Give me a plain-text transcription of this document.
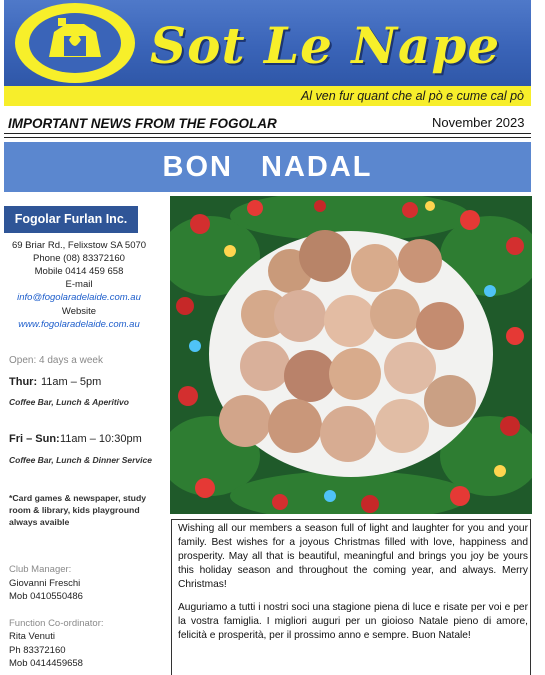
Sot Le Nape
Al ven fur quant che al pò e cume cal pò
IMPORTANT NEWS FROM THE FOGOLAR	November 2023
BON NADAL
Fogolar Furlan Inc.
69 Briar Rd., Felixstow SA 5070
Phone (08) 83372160
Mobile 0414 459 658
E-mail
info@fogolaradelaide.com.au
Website
www.fogolaradelaide.com.au
Open: 4 days a week
Thur: 11am – 5pm
Coffee Bar, Lunch & Aperitivo
Fri – Sun: 11am – 10:30pm
Coffee Bar, Lunch & Dinner Service
*Card games & newspaper, study room & library, kids playground always avaible
Club Manager:
Giovanni Freschi
Mob 0410550486
Function Co-ordinator:
Rita Venuti
Ph 83372160
Mob 0414459658

Wishing all our members a season full of light and laughter for you and your family. Best wishes for a joyous Christmas filled with love, happiness and prosperity. May all that is beautiful, meaningful and brings you joy be yours this holiday season and throughout the coming year, and always. Merry Christmas!

Auguriamo a tutti i nostri soci una stagione piena di luce e risate per voi e per la vostra famiglia. I migliori auguri per un gioioso Natale pieno di amore, felicità e prosperità, per il prossimo anno e sempre. Buon Natale!
